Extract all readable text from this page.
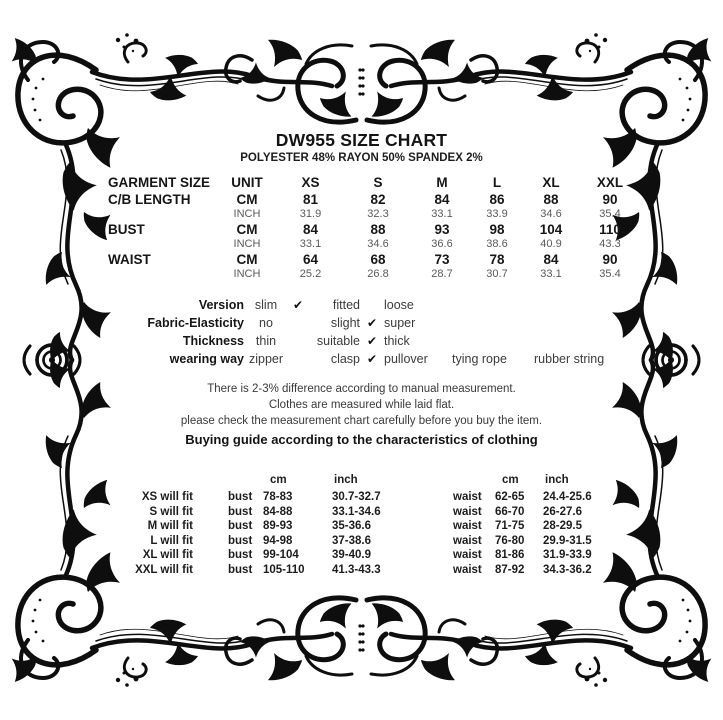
DW955 SIZE CHART
POLYESTER 48% RAYON 50% SPANDEX 2%
GARMENT SIZE	UNIT	XS	S	M	L	XL	XXL
C/B LENGTH	CM	81	82	84	86	88	90
INCH	31.9	32.3	33.1	33.9	34.6	35.4
BUST	CM	84	88	93	98	104	110
INCH	33.1	34.6	36.6	38.6	40.9	43.3
WAIST	CM	64	68	73	78	84	90
INCH	25.2	26.8	28.7	30.7	33.1	35.4
Version slim	✔	fitted loose
Fabric-Elasticity	no	slight ✔ super
Thickness thin	suitable ✔ thick
wearing way zipper	clasp ✔ pullover	tying rope	rubber string
There is 2-3% difference according to manual measurement.
Clothes are measured while laid flat.
please check the measurement chart carefully before you buy the item.
Buying guide according to the characteristics of clothing
cm	inch	cm	inch
XS will fit	bust 78-83	30.7-32.7	waist 62-65	24.4-25.6
S will fit	bust 84-88	33.1-34.6	waist 66-70	26-27.6
M will fit	bust 89-93	35-36.6	waist 71-75	28-29.5
L will fit	bust 94-98	37-38.6	waist 76-80	29.9-31.5
XL will fit	bust 99-104	39-40.9	waist 81-86	31.9-33.9
XXL will fit	bust 105-110	41.3-43.3	waist 87-92	34.3-36.2
